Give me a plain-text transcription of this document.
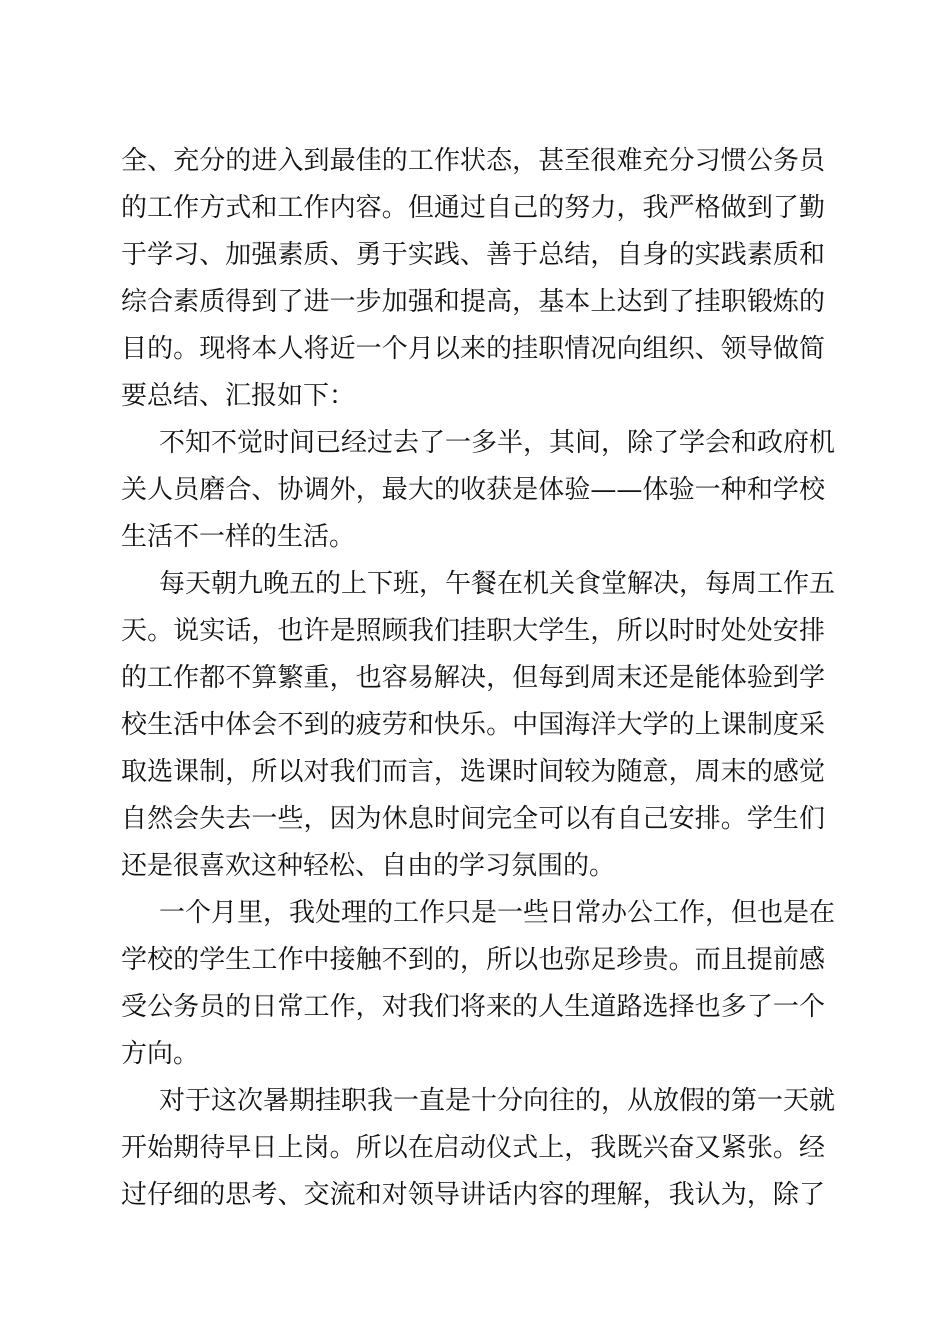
全、充分的进入到最佳的工作状态，甚至很难充分习惯公务员
的工作方式和工作内容。但通过自己的努力，我严格做到了勤
于学习、加强素质、勇于实践、善于总结，自身的实践素质和
综合素质得到了进一步加强和提高，基本上达到了挂职锻炼的
目的。现将本人将近一个月以来的挂职情况向组织、领导做简
要总结、汇报如下：
不知不觉时间已经过去了一多半，其间，除了学会和政府机
关人员磨合、协调外，最大的收获是体验——体验一种和学校
生活不一样的生活。
每天朝九晚五的上下班，午餐在机关食堂解决，每周工作五
天。说实话，也许是照顾我们挂职大学生，所以时时处处安排
的工作都不算繁重，也容易解决，但每到周末还是能体验到学
校生活中体会不到的疲劳和快乐。中国海洋大学的上课制度采
取选课制，所以对我们而言，选课时间较为随意，周末的感觉
自然会失去一些，因为休息时间完全可以有自己安排。学生们
还是很喜欢这种轻松、自由的学习氛围的。
一个月里，我处理的工作只是一些日常办公工作，但也是在
学校的学生工作中接触不到的，所以也弥足珍贵。而且提前感
受公务员的日常工作，对我们将来的人生道路选择也多了一个
方向。
对于这次暑期挂职我一直是十分向往的，从放假的第一天就
开始期待早日上岗。所以在启动仪式上，我既兴奋又紧张。经
过仔细的思考、交流和对领导讲话内容的理解，我认为，除了
